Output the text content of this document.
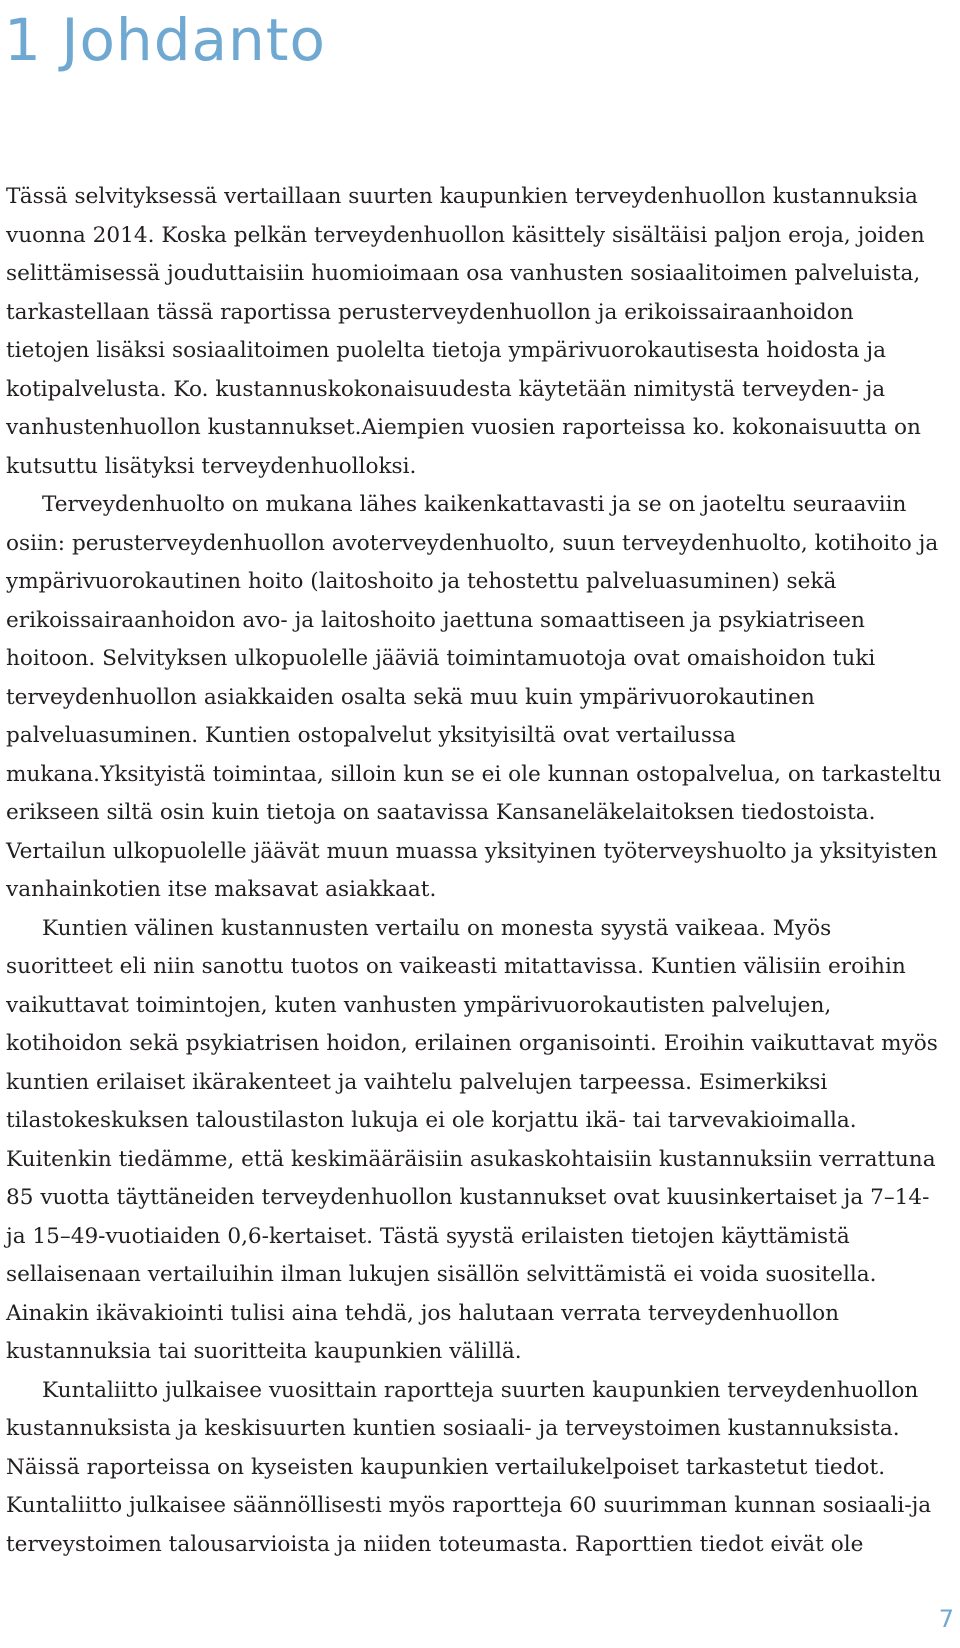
1 Johdanto

Tässä selvityksessä vertaillaan suurten kaupunkien terveydenhuollon kustannuksia vuonna 2014. Koska pelkän terveydenhuollon käsittely sisältäisi paljon eroja, joiden selittämisessä jouduttaisiin huomioimaan osa vanhusten sosiaalitoimen palveluista, tarkastellaan tässä raportissa perusterveydenhuollon ja erikoissairaanhoidon tietojen lisäksi sosiaalitoimen puolelta tietoja ympärivuorokautisesta hoidosta ja kotipalvelusta. Ko. kustannuskokonaisuudesta käytetään nimitystä terveyden- ja vanhustenhuollon kustannukset.Aiempien vuosien raporteissa ko. kokonaisuutta on kutsuttu lisätyksi terveydenhuolloksi.

Terveydenhuolto on mukana lähes kaikenkattavasti ja se on jaoteltu seuraaviin osiin: perusterveydenhuollon avoterveydenhuolto, suun terveydenhuolto, kotihoito ja ympärivuorokautinen hoito (laitoshoito ja tehostettu palveluasuminen) sekä erikoissairaanhoidon avo- ja laitoshoito jaettuna somaattiseen ja psykiatriseen hoitoon. Selvityksen ulkopuolelle jääviä toimintamuotoja ovat omaishoidon tuki terveydenhuollon asiakkaiden osalta sekä muu kuin ympärivuorokautinen palveluasuminen. Kuntien ostopalvelut yksityisiltä ovat vertailussa mukana.Yksityistä toimintaa, silloin kun se ei ole kunnan ostopalvelua, on tarkasteltu erikseen siltä osin kuin tietoja on saatavissa Kansaneläkelaitoksen tiedostoista. Vertailun ulkopuolelle jäävät muun muassa yksityinen työterveyshuolto ja yksityisten vanhainkotien itse maksavat asiakkaat.

Kuntien välinen kustannusten vertailu on monesta syystä vaikeaa. Myös suoritteet eli niin sanottu tuotos on vaikeasti mitattavissa. Kuntien välisiin eroihin vaikuttavat toimintojen, kuten vanhusten ympärivuorokautisten palvelujen, kotihoidon sekä psykiatrisen hoidon, erilainen organisointi. Eroihin vaikuttavat myös kuntien erilaiset ikärakenteet ja vaihtelu palvelujen tarpeessa. Esimerkiksi tilastokeskuksen taloustilaston lukuja ei ole korjattu ikä- tai tarvevakioimalla. Kuitenkin tiedämme, että keskimääräisiin asukaskohtaisiin kustannuksiin verrattuna 85 vuotta täyttäneiden terveydenhuollon kustannukset ovat kuusinkertaiset ja 7–14- ja 15–49-vuotiaiden 0,6-kertaiset. Tästä syystä erilaisten tietojen käyttämistä sellaisenaan vertailuihin ilman lukujen sisällön selvittämistä ei voida suositella. Ainakin ikävakiointi tulisi aina tehdä, jos halutaan verrata terveydenhuollon kustannuksia tai suoritteita kaupunkien välillä.

Kuntaliitto julkaisee vuosittain raportteja suurten kaupunkien terveydenhuollon kustannuksista ja keskisuurten kuntien sosiaali- ja terveystoimen kustannuksista. Näissä raporteissa on kyseisten kaupunkien vertailukelpoiset tarkastetut tiedot. Kuntaliitto julkaisee säännöllisesti myös raportteja 60 suurimman kunnan sosiaali-ja terveystoimen talousarvioista ja niiden toteumasta. Raporttien tiedot eivät ole

7
